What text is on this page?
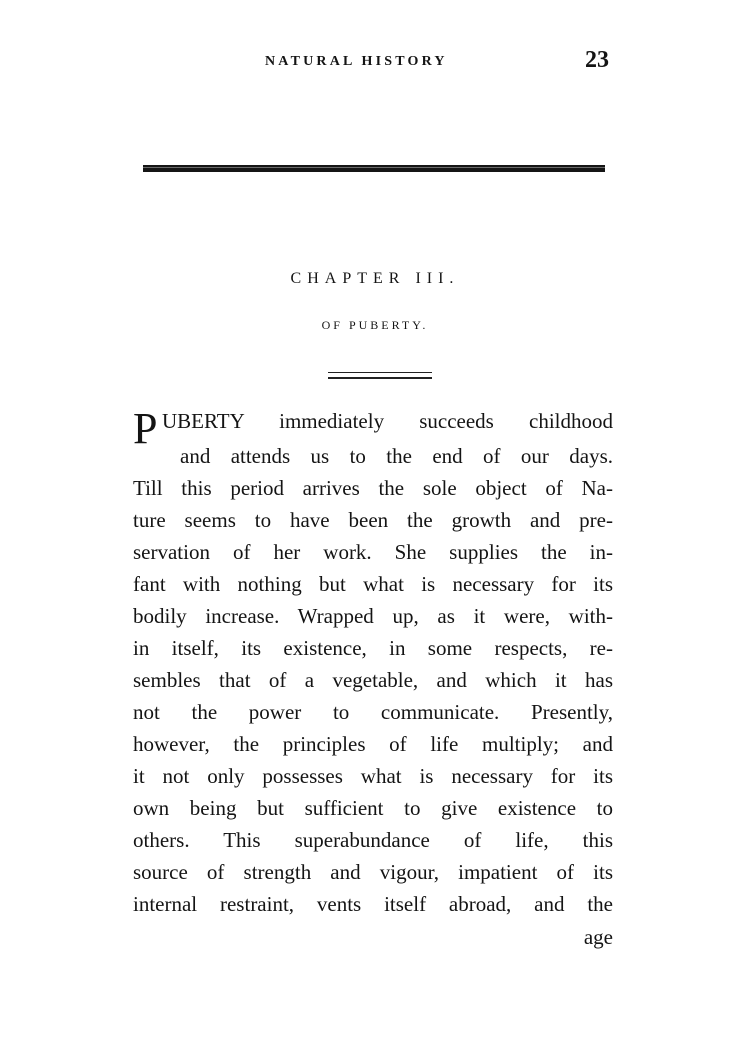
NATURAL HISTORY	23
CHAPTER III.
OF PUBERTY.
P UBERTY immediately succeeds childhood
and attends us to the end of our days.
Till this period arrives the sole object of Na-
ture seems to have been the growth and pre-
servation of her work. She supplies the in-
fant with nothing but what is necessary for its
bodily increase. Wrapped up, as it were, with-
in itself, its existence, in some respects, re-
sembles that of a vegetable, and which it has
not the power to communicate. Presently,
however, the principles of life multiply; and
it not only possesses what is necessary for its
own being but sufficient to give existence to
others. This superabundance of life, this
source of strength and vigour, impatient of its
internal restraint, vents itself abroad, and the
age
